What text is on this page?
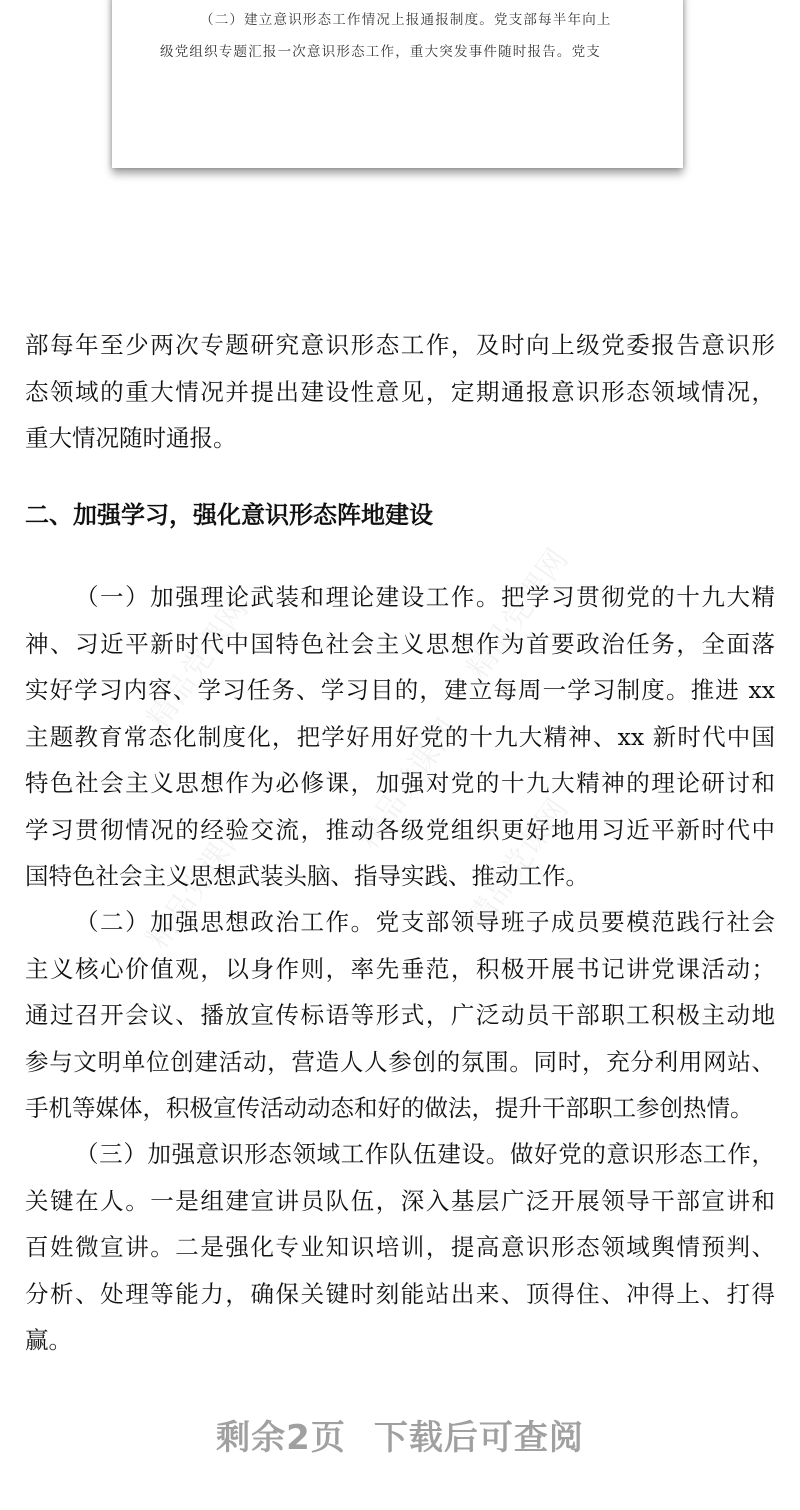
精品党课网	精品党课网
精品党课网
精品党课网	精品党课网
（二）建立意识形态工作情况上报通报制度。党支部每半年向上
级党组织专题汇报一次意识形态工作，重大突发事件随时报告。党支
部每年至少两次专题研究意识形态工作，及时向上级党委报告意识形
态领域的重大情况并提出建设性意见，定期通报意识形态领域情况，
重大情况随时通报。
二、加强学习，强化意识形态阵地建设
（一）加强理论武装和理论建设工作。把学习贯彻党的十九大精
神、习近平新时代中国特色社会主义思想作为首要政治任务，全面落
实好学习内容、学习任务、学习目的，建立每周一学习制度。推进 xx
主题教育常态化制度化，把学好用好党的十九大精神、xx 新时代中国
特色社会主义思想作为必修课，加强对党的十九大精神的理论研讨和
学习贯彻情况的经验交流，推动各级党组织更好地用习近平新时代中
国特色社会主义思想武装头脑、指导实践、推动工作。
（二）加强思想政治工作。党支部领导班子成员要模范践行社会
主义核心价值观，以身作则，率先垂范，积极开展书记讲党课活动；
通过召开会议、播放宣传标语等形式，广泛动员干部职工积极主动地
参与文明单位创建活动，营造人人参创的氛围。同时，充分利用网站、
手机等媒体，积极宣传活动动态和好的做法，提升干部职工参创热情。
（三）加强意识形态领域工作队伍建设。做好党的意识形态工作，
关键在人。一是组建宣讲员队伍，深入基层广泛开展领导干部宣讲和
百姓微宣讲。二是强化专业知识培训，提高意识形态领域舆情预判、
分析、处理等能力，确保关键时刻能站出来、顶得住、冲得上、打得
赢。
剩余2页 下载后可查阅
